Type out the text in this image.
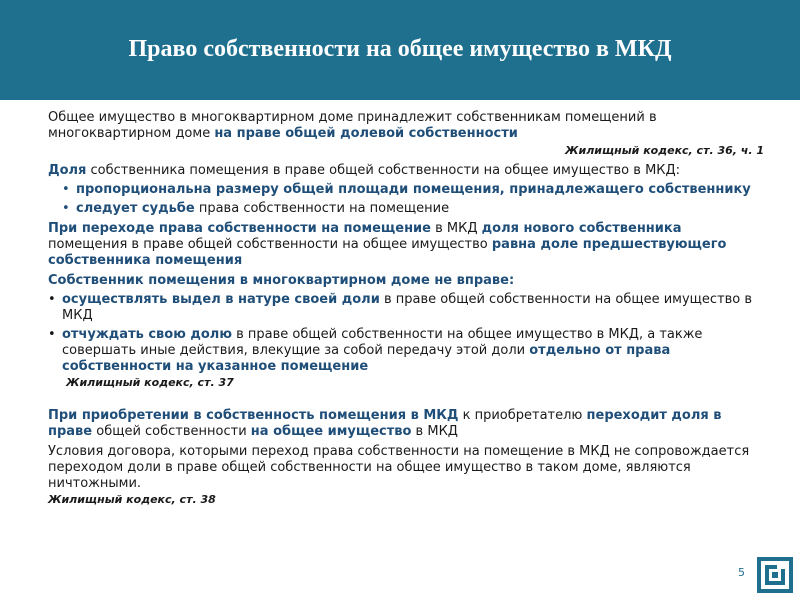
Право собственности на общее имущество в МКД

Общее имущество в многоквартирном доме принадлежит собственникам помещений в многоквартирном доме на праве общей долевой собственности

Жилищный кодекс, ст. 36, ч. 1

Доля собственника помещения в праве общей собственности на общее имущество в МКД:

• пропорциональна размеру общей площади помещения, принадлежащего собственнику
• следует судьбе права собственности на помещение

При переходе права собственности на помещение в МКД доля нового собственника помещения в праве общей собственности на общее имущество равна доле предшествующего собственника помещения

Собственник помещения в многоквартирном доме не вправе:

• осуществлять выдел в натуре своей доли в праве общей собственности на общее имущество в МКД
• отчуждать свою долю в праве общей собственности на общее имущество в МКД, а также совершать иные действия, влекущие за собой передачу этой доли отдельно от права собственности на указанное помещение
Жилищный кодекс, ст. 37

При приобретении в собственность помещения в МКД к приобретателю переходит доля в праве общей собственности на общее имущество в МКД

Условия договора, которыми переход права собственности на помещение в МКД не сопровождается переходом доли в праве общей собственности на общее имущество в таком доме, являются ничтожными.

Жилищный кодекс, ст. 38
5
